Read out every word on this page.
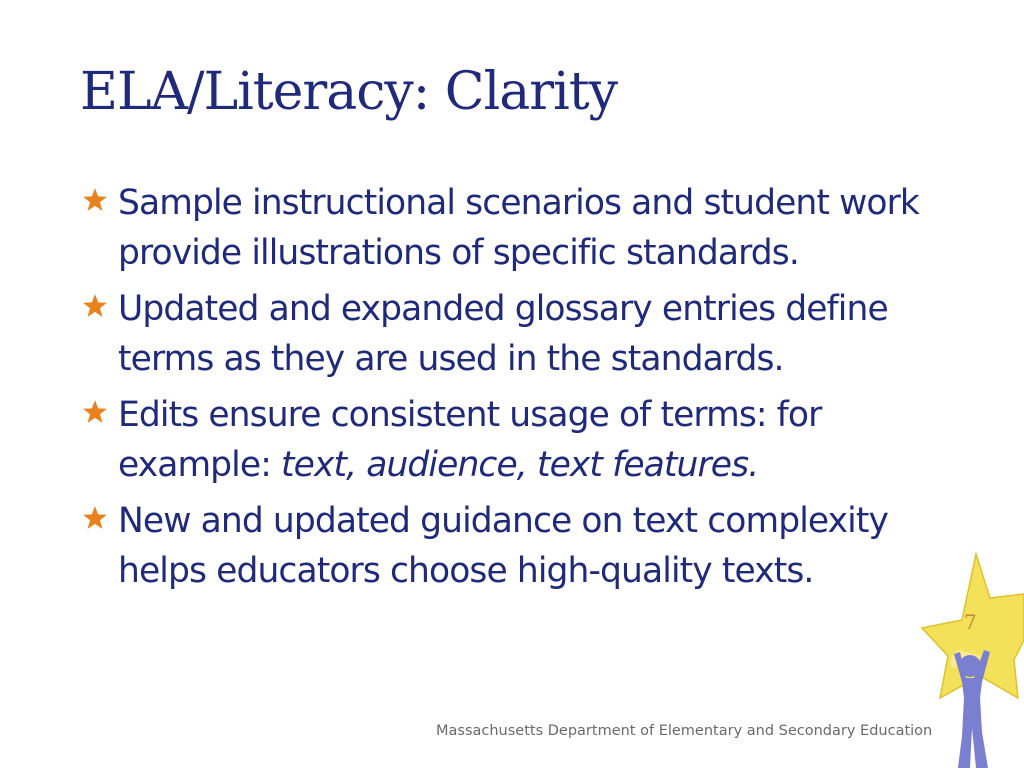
ELA/Literacy: Clarity
Sample instructional scenarios and student work provide illustrations of specific standards.
Updated and expanded glossary entries define terms as they are used in the standards.
Edits ensure consistent usage of terms: for example: text, audience, text features.
New and updated guidance on text complexity helps educators choose high-quality texts.
7
Massachusetts Department of Elementary and Secondary Education
